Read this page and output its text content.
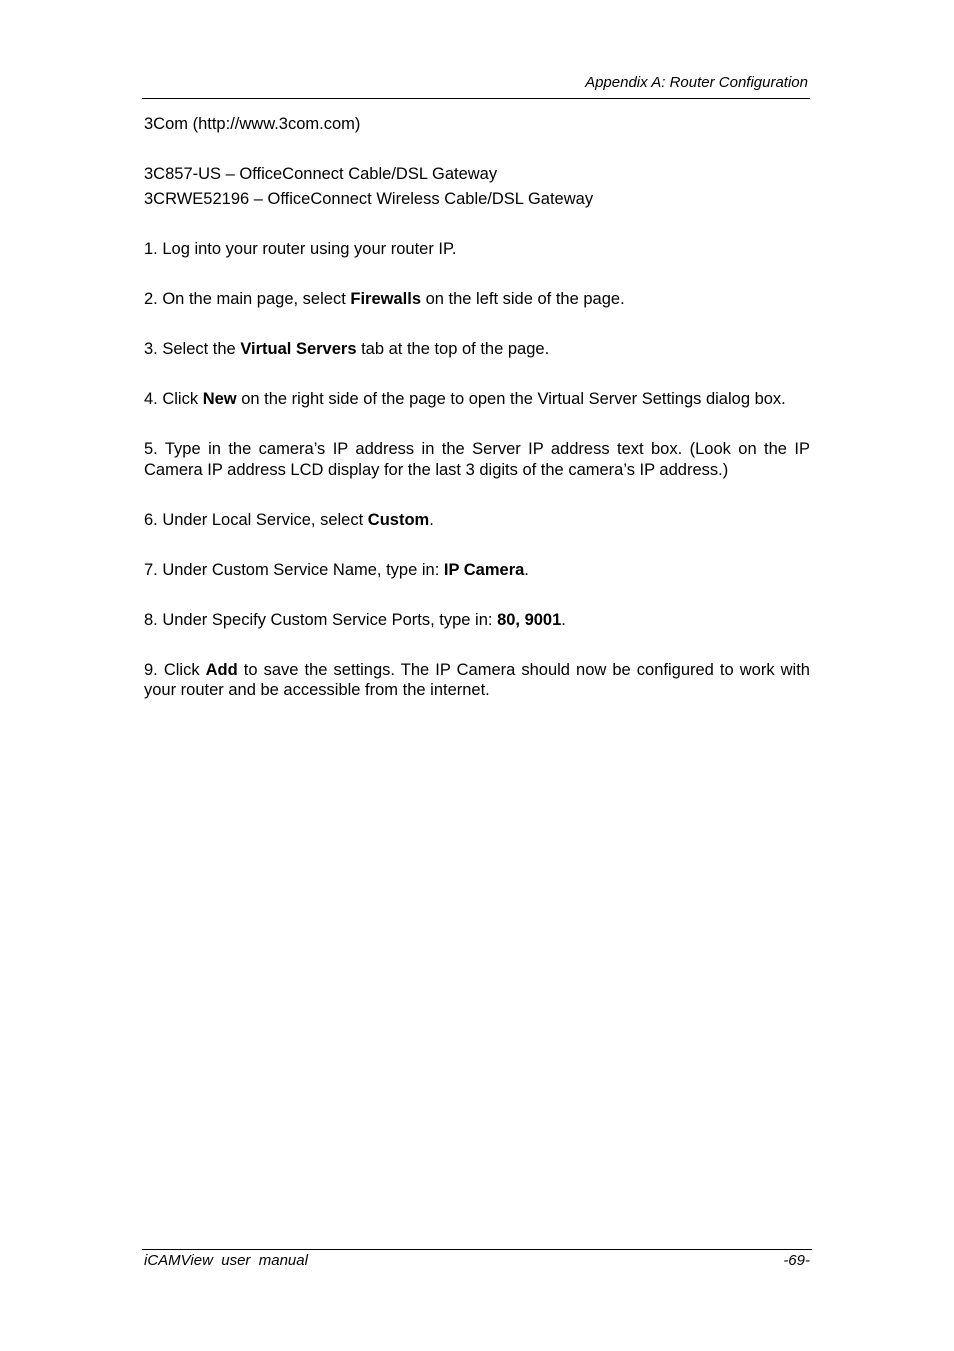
Appendix A: Router Configuration

3Com (http://www.3com.com)

3C857-US – OfficeConnect Cable/DSL Gateway

3CRWE52196 – OfficeConnect Wireless Cable/DSL Gateway

1. Log into your router using your router IP.

2. On the main page, select Firewalls on the left side of the page.

3. Select the Virtual Servers tab at the top of the page.

4. Click New on the right side of the page to open the Virtual Server Settings dialog box.

5. Type in the camera’s IP address in the Server IP address text box. (Look on the IP Camera IP address LCD display for the last 3 digits of the camera’s IP address.)

6. Under Local Service, select Custom.

7. Under Custom Service Name, type in: IP Camera.

8. Under Specify Custom Service Ports, type in: 80, 9001.

9. Click Add to save the settings. The IP Camera should now be configured to work with your router and be accessible from the internet.

iCAMView  user  manual	-69-
